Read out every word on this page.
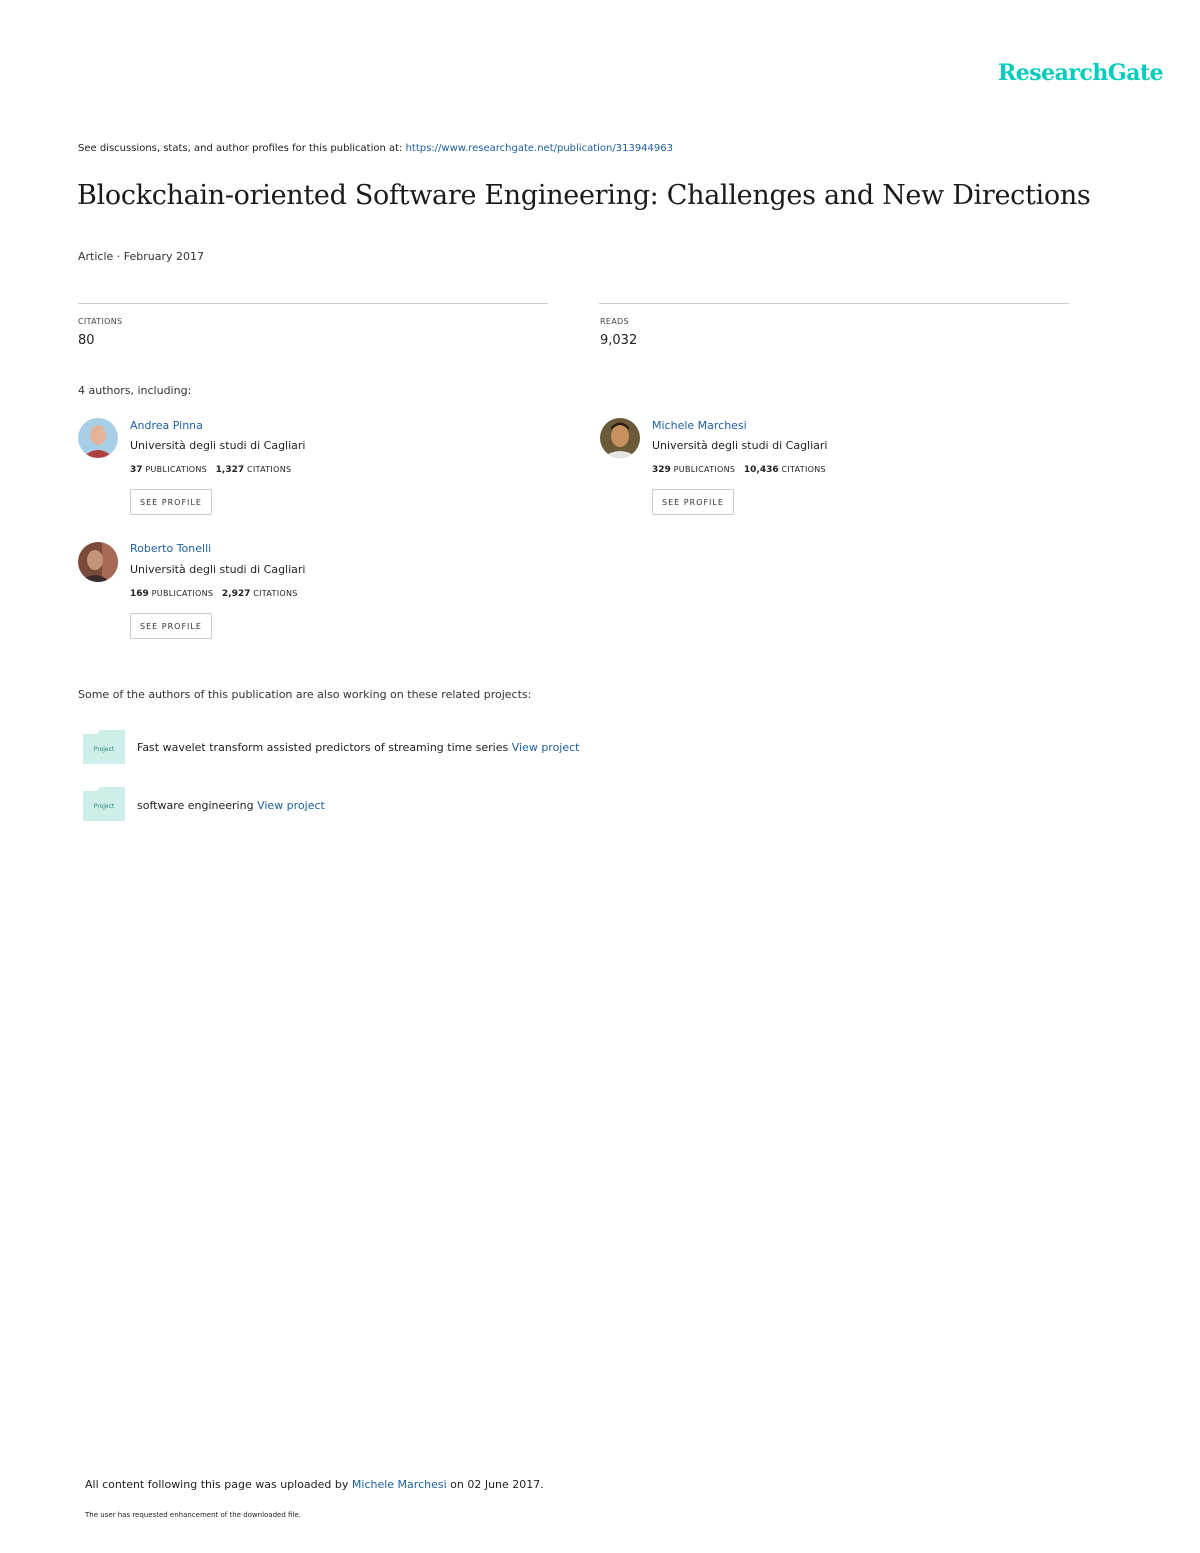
ResearchGate
See discussions, stats, and author profiles for this publication at: https://www.researchgate.net/publication/313944963
Blockchain-oriented Software Engineering: Challenges and New Directions
Article · February 2017
CITATIONS
80
READS
9,032
4 authors, including:
Andrea Pinna
Università degli studi di Cagliari
37 PUBLICATIONS 1,327 CITATIONS
SEE PROFILE
Michele Marchesi
Università degli studi di Cagliari
329 PUBLICATIONS 10,436 CITATIONS
SEE PROFILE
Roberto Tonelli
Università degli studi di Cagliari
169 PUBLICATIONS 2,927 CITATIONS
SEE PROFILE
Some of the authors of this publication are also working on these related projects:
Project Fast wavelet transform assisted predictors of streaming time series View project
Project software engineering View project
All content following this page was uploaded by Michele Marchesi on 02 June 2017.
The user has requested enhancement of the downloaded file.
